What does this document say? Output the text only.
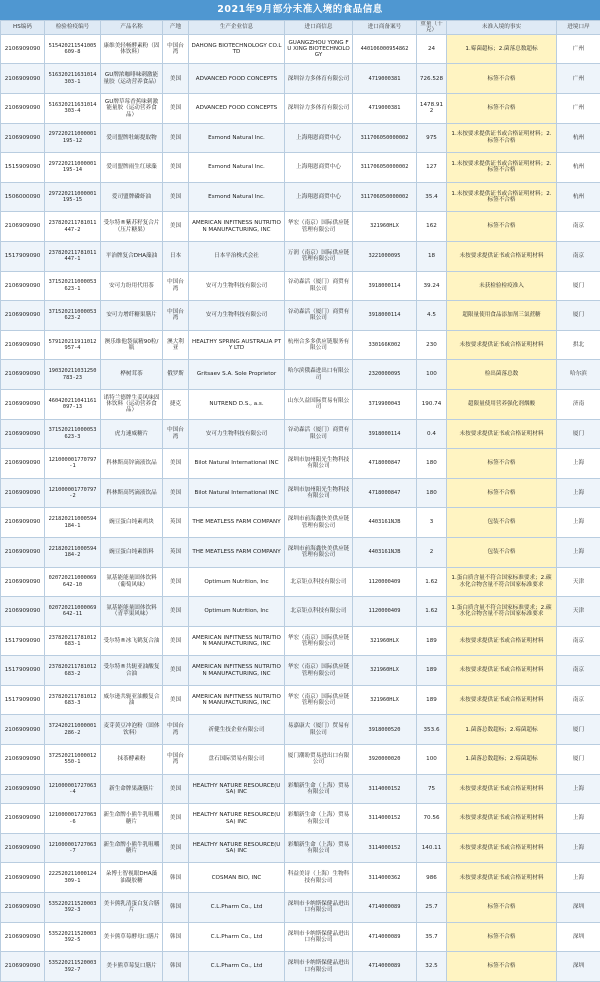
2021年9月部分未准入境的食品信息
HS编码	检验检疫编号	产品名称	产地	生产企业信息	进口商信息	进口商备案号	重量（千克）	未准入境的事实	进境口岸
2106909090	515420211541005609-8	康维美轻畅酵素粉（固体饮料）	中国台湾	DAHONG BIOTECHNOLOGY CO.LTD	GUANGZHOU YONG FU XING BIOTECHNOLOGY	440106000954862	24	1.霉菌超标；2.菌落总数超标	广州
2106909090	516320211631014303-1	GU牌浓咖啡味刺激能量胶（运动营养食品）	美国	ADVANCED FOOD CONCEPTS	深圳谷力多体育有限公司	4719000381	726.528	标签不合格	广州
2106909090	516320211631014303-4	GU牌草莓香蕉味刺激能量胶（运动营养食品）	美国	ADVANCED FOOD CONCEPTS	深圳谷力多体育有限公司	4719000381	1478.912	标签不合格	广州
2106909090	297220211000001195-12	爱司盟牌牡蛎提取物	美国	Esmond Natural Inc.	上海翔恩商贸中心	311706050000002	975	1.未按要求提供证书或合格证明材料；2.标签不合格	杭州
1515909090	297220211000001195-14	爱司盟牌雨生红球藻	美国	Esmond Natural Inc.	上海翔恩商贸中心	311706050000002	127	1.未按要求提供证书或合格证明材料；2.标签不合格	杭州
1506000090	297220211000001195-15	爱司盟牌磷虾油	美国	Esmond Natural Inc.	上海翔恩商贸中心	311706050000002	35.4	1.未按要求提供证书或合格证明材料；2.标签不合格	杭州
2106909090	237820211781011447-2	受尔特®紫苏籽复合片（压片糖果）	美国	AMERICAN INFITNESS NUTRITION MANUFACTURING, INC	华宏（南京）国际供应链管理有限公司	321960HLX	162	标签不合格	南京
1517909090	237820211781011447-1	平治牌复合DHA藻油	日本	日本平治株式会社	万润（南京）国际供应链管理有限公司	3221000095	18	未按要求提供证书或合格证明材料	南京
2106909090	371520211000053623-1	安可力纷用代用茶	中国台湾	安可力生物科技有限公司	谷动森活（厦门）商贸有限公司	3918000114	39.24	未获检验检疫准入	厦门
2106909090	371520211000053623-2	安可力增纤糖果膳片	中国台湾	安可力生物科技有限公司	谷动森活（厦门）商贸有限公司	3918000114	4.5	超限量使用食品添加剂三氯蔗糖	厦门
2106909090	579120211911012957-4	澳乐维他袋鼠精90粒/瓶	澳大利亚	HEALTHY SPRING AUSTRALIA PTY LTD	杭州合多多供应链服务有限公司	330166K002	230	未按要求提供证书或合格证明材料	拱北
2106909090	190320211031250783-23	桦树茸茶	俄罗斯	Gritsaev S.A. Sole Proprietor	哈尔滨俄森进出口有限公司	2320000095	100	检出菌落总数	哈尔滨
2106909090	460420211041161097-13	诺特兰德牌生姜风味固体饮料（运动营养食品）	捷克	NUTREND D.S., a.s.	山东久益国际贸易有限公司	3719900043	190.74	超限量使用营养强化剂烟酸	济南
2106909090	371520211000053623-3	虎力速威糖片	中国台湾	安可力生物科技有限公司	谷动森活（厦门）商贸有限公司	3918000114	0.4	未按要求提供证书或合格证明材料	厦门
2106909090	121000001770797-1	科林斯高锌滴液饮品	美国	Bilot Natural International INC	深圳市加州阳光生物科技有限公司	4718000847	180	标签不合格	上海
2106909090	121000001770797-2	科林斯高钙滴液饮品	美国	Bilot Natural International INC	深圳市加州阳光生物科技有限公司	4718000847	180	标签不合格	上海
2106909090	221820211000594184-1	豌豆蛋白纯素鸡块	英国	THE MEATLESS FARM COMPANY	深圳市前海鑫快美供应链管理有限公司	4403161NJB	3	包装不合格	上海
2106909090	221820211000594184-2	豌豆蛋白纯素馅料	英国	THE MEATLESS FARM COMPANY	深圳市前海鑫快美供应链管理有限公司	4403161NJB	2	包装不合格	上海
2106909090	020720211000069642-10	氨基能能量固体饮料（葡萄风味）	美国	Optimum Nutrition, Inc	北京钜点科技有限公司	1120000409	1.62	1.蛋白质含量不符合国家标准要求；2.碳水化合物含量不符合国家标准要求	天津
2106909090	020720211000069642-11	氨基能能量固体饮料（青苹果风味）	美国	Optimum Nutrition, Inc	北京钜点科技有限公司	1120000409	1.62	1.蛋白质含量不符合国家标准要求；2.碳水化合物含量不符合国家标准要求	天津
1517909090	237820211781012683-1	受尔特®冰飞鹤复合油	美国	AMERICAN INFITNESS NUTRITION MANUFACTURING, INC	华宏（南京）国际供应链管理有限公司	321960HLX	189	未按要求提供证书或合格证明材料	南京
1517909090	237820211781012683-2	受尔特®共轭亚油酸复合油	美国	AMERICAN INFITNESS NUTRITION MANUFACTURING, INC	华宏（南京）国际供应链管理有限公司	321960HLX	189	未按要求提供证书或合格证明材料	南京
1517909090	237820211781012683-3	威尔逊共轭亚油酸复合油	美国	AMERICAN INFITNESS NUTRITION MANUFACTURING, INC	华宏（南京）国际供应链管理有限公司	321960HLX	189	未按要求提供证书或合格证明材料	南京
2106909090	372420211000001286-2	麦芽黄豆冲泡粉（固体饮料）	中国台湾	祈健生技企业有限公司	易嘉康大（厦门）贸易有限公司	3918000520	353.6	1.菌落总数超标；2.霉菌超标	厦门
2106909090	372520211000012550-1	抹茶酵素粉	中国台湾	盘石国际贸易有限公司	厦门潮盼贸易进出口有限公司	3920000020	100	1.菌落总数超标；2.霉菌超标	厦门
2106909090	121000001727063-4	新生命牌果蔬膳片	美国	HEALTHY NATURE RESOURCE(USA) INC	彩頫新生命（上海）贸易有限公司	3114000152	75	未按要求提供证书或合格证明材料	上海
2106909090	121000001727063-6	新生命牌小熊牛乳咀嚼糖片	美国	HEALTHY NATURE RESOURCE(USA) INC	彩頫新生命（上海）贸易有限公司	3114000152	70.56	未按要求提供证书或合格证明材料	上海
2106909090	121000001727063-7	新生命牌小熊牛乳咀嚼糖片	美国	HEALTHY NATURE RESOURCE(USA) INC	彩頫新生命（上海）贸易有限公司	3114000152	140.11	未按要求提供证书或合格证明材料	上海
2106909090	222520211000124309-1	朵博士智视眼DHA藻油凝胶糖	韩国	COSMAN BIO, INC	科益美诗（上海）生物科技有限公司	3114000362	986	未按要求提供证书或合格证明材料	上海
2106909090	535220211520003392-3	美卡熊乳清蛋白复合膳片	韩国	C.L.Pharm Co., Ltd	深圳市卡纳斯保健品进出口有限公司	4714000089	25.7	标签不合格	深圳
2106909090	535220211520003392-5	美卡熊草莓酵母口膳片	韩国	C.L.Pharm Co., Ltd	深圳市卡纳斯保健品进出口有限公司	4714000089	35.7	标签不合格	深圳
2106909090	535220211520003392-7	美卡熊草莓复口膳片	韩国	C.L.Pharm Co., Ltd	深圳市卡纳斯保健品进出口有限公司	4714000089	32.5	标签不合格	深圳
